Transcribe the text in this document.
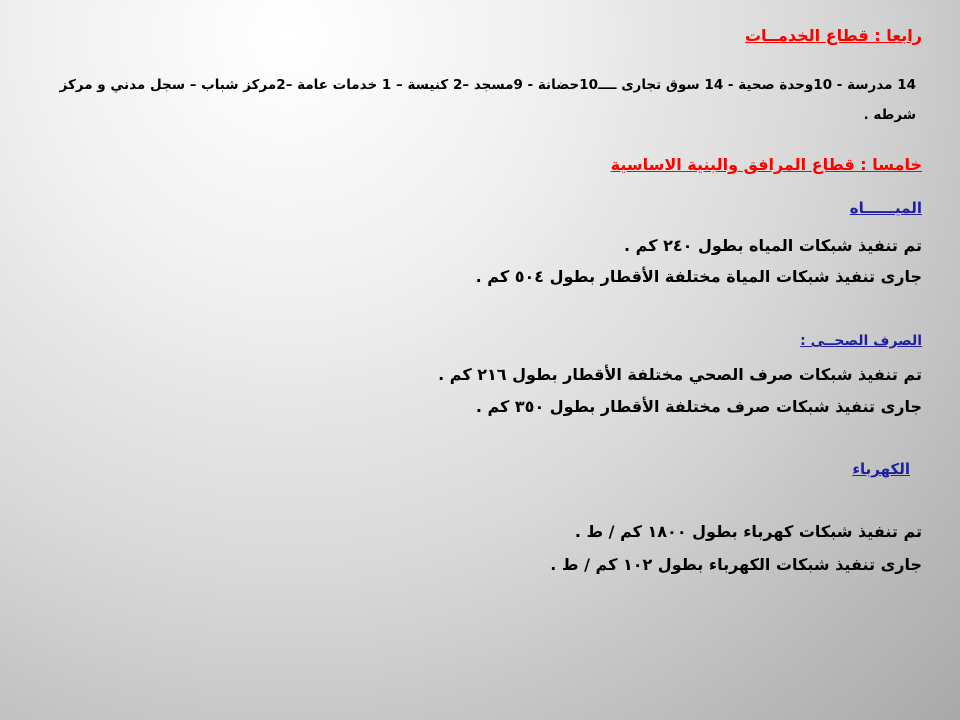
رابعا : قطاع الخدمــات

14 مدرسة - 10وحدة صحية - 14 سوق تجارى ــــ10حضانة - 9مسجد –2 كنيسة – 1 خدمات عامة –2مركز شباب – سجل مدني و مركز شرطه .

خامسا : قطاع المرافق والبنية الاساسية

الميــــــاه

تم تنفيذ شبكات المياه بطول ٢٤٠ كم .

جارى تنفيذ شبكات المياة مختلفة الأقطار بطول ٥٠٤ كم .

الصرف الصحــى :

تم تنفيذ شبكات صرف الصحي مختلفة الأقطار بطول ٢١٦ كم .

جارى تنفيذ شبكات صرف مختلفة الأقطار بطول ٣٥٠ كم .

الكهرباء

تم تنفيذ شبكات كهرباء بطول ١٨٠٠ كم / ط .

جارى تنفيذ شبكات الكهرباء بطول ١٠٢ كم / ط .
